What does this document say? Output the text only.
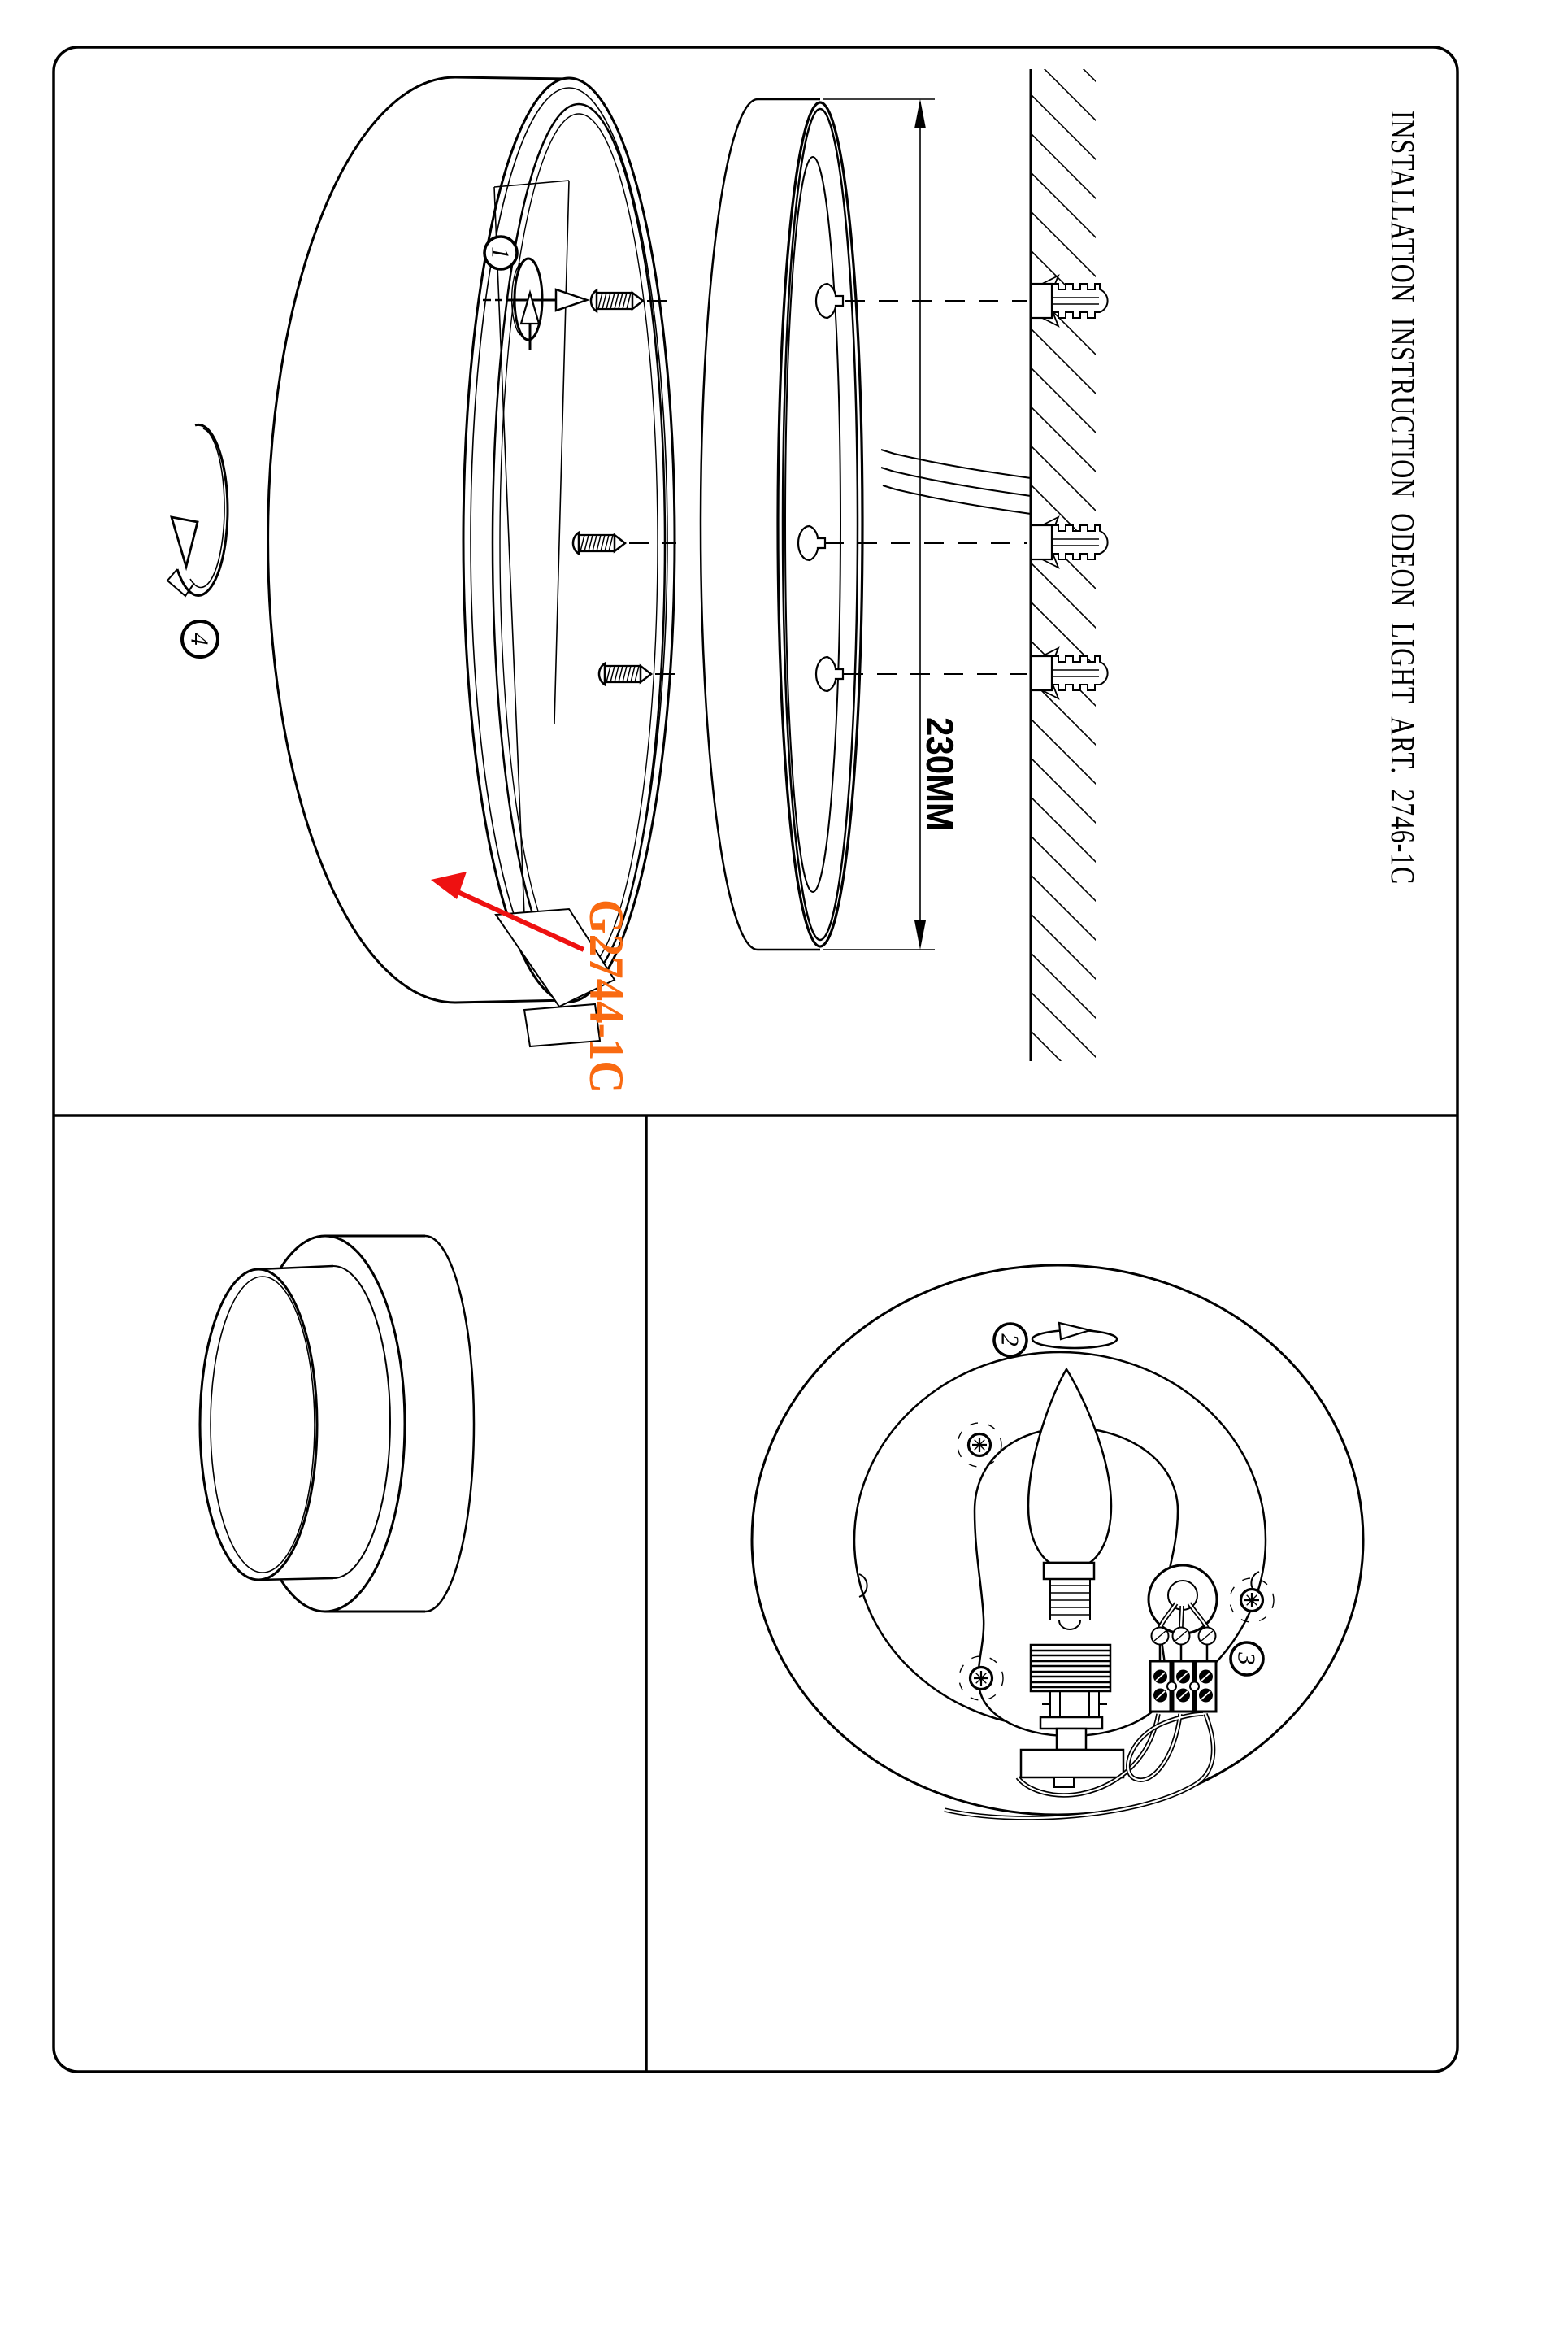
4
1
230MM
G2744-1C	INSTALLATION INSTRUCTION ODEON LIGHT ART. 2746-1C
2
3
